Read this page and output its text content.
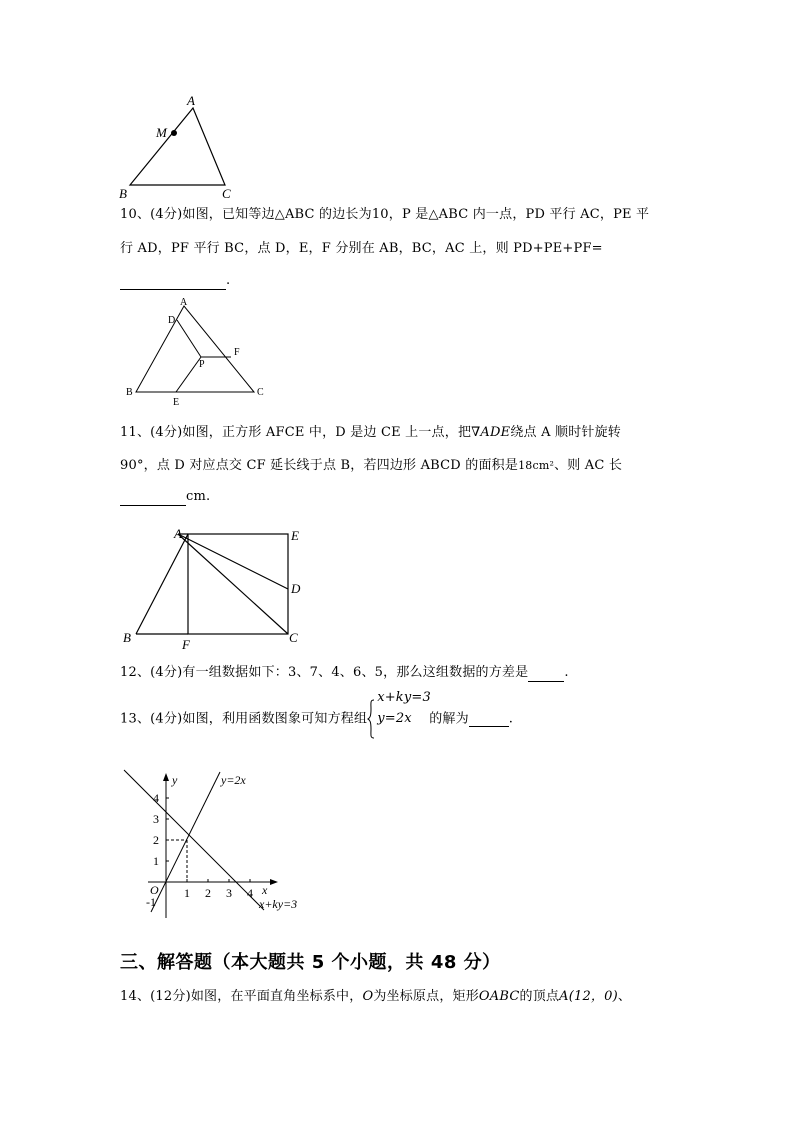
A
M
B	C
10、(4分)如图，已知等边△ABC 的边长为10，P 是△ABC 内一点，PD 平行 AC，PE 平
行 AD，PF 平行 BC，点 D，E，F 分别在 AB，BC，AC 上，则 PD+PE+PF=
.
A
D
F
P
B
E
C
11、(4分)如图，正方形 AFCE 中，D 是边 CE 上一点，把∇ADE绕点 A 顺时针旋转
90°，点 D 对应点交 CF 延长线于点 B，若四边形 ABCD 的面积是18cm²、则 AC 长
cm.
A	E
D
B	F	C
12、(4分)有一组数据如下：3、7、4、6、5，那么这组数据的方差是	.
13、(4分)如图，利用函数图象可知方程组
x+ky=3
y=2x 的解为	.
y
x
y=2x
x+ky=3
O
4
3
2
1
-1
1 2 3 4
三、解答题（本大题共 5 个小题，共 48 分）
14、(12分)如图，在平面直角坐标系中，O为坐标原点，矩形OABC的顶点A(12，0)、
